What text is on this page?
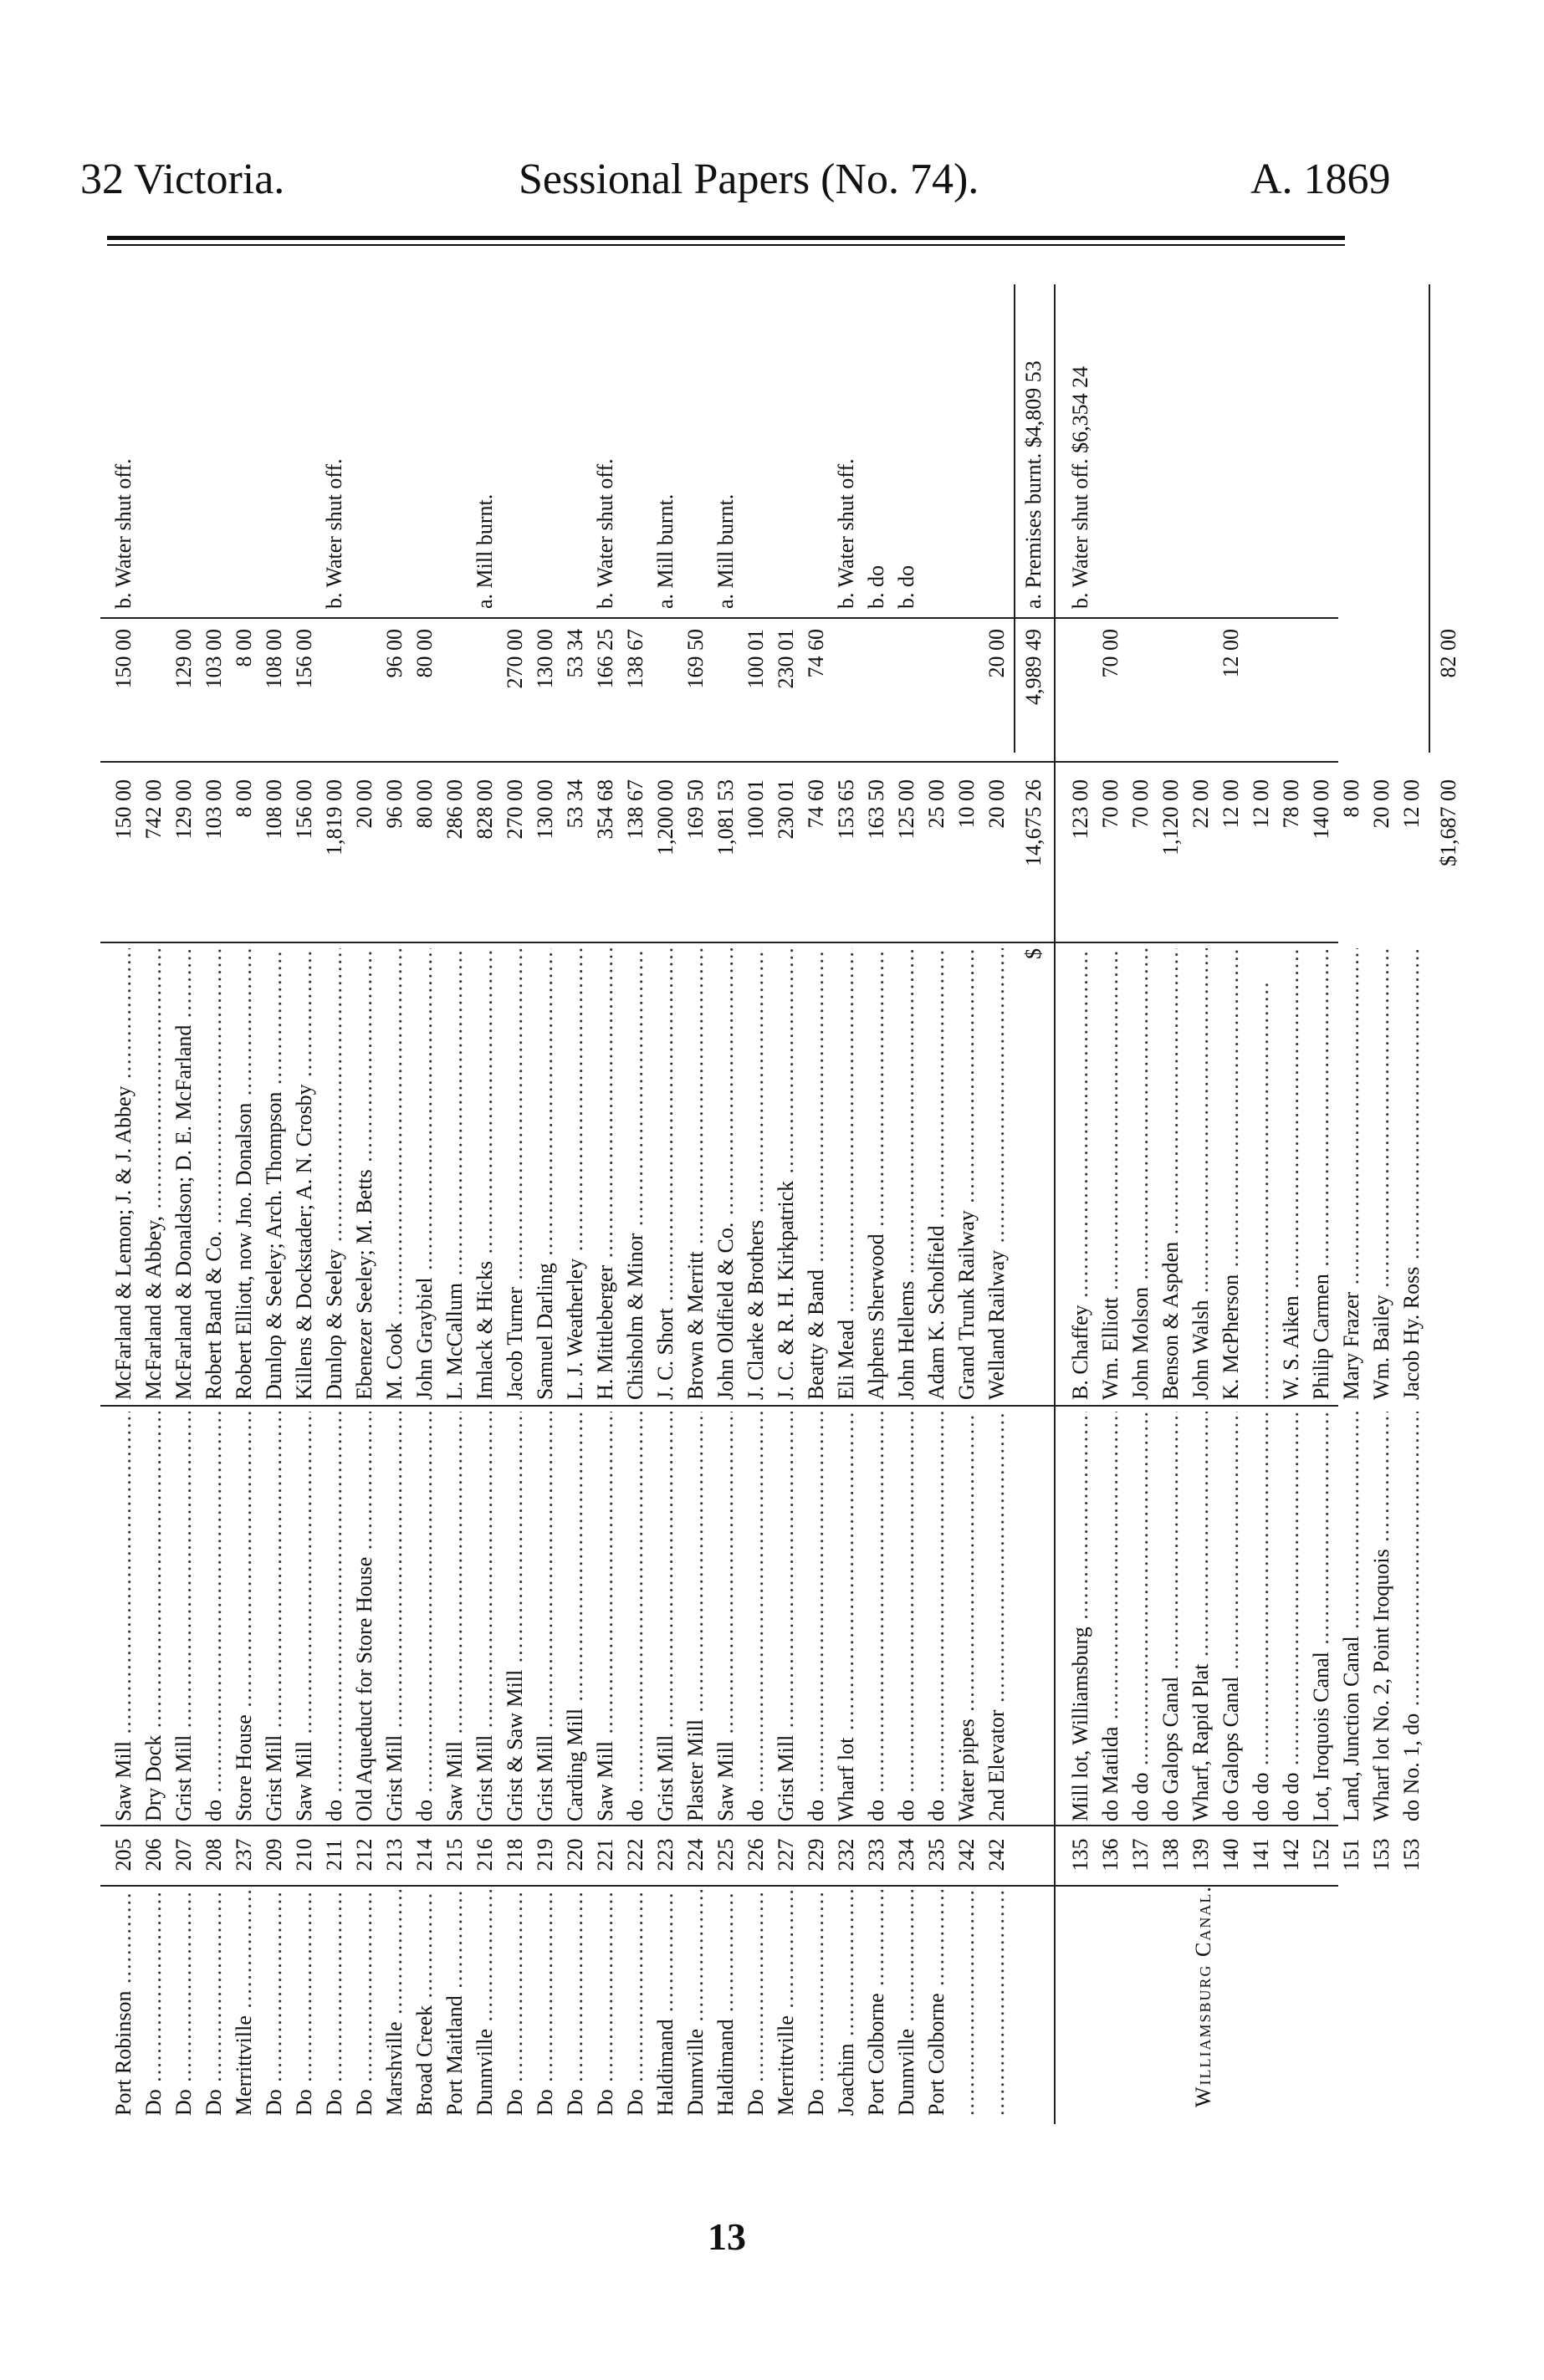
32 Victoria.	Sessional Papers (No. 74).	A. 1869
Port Robinson .....
205
Saw Mill .....
McFarland & Lemon; J. & J. Abbey .....
150 00
150 00
b. Water shut off.
Do .....
206
Dry Dock .....
McFarland & Abbey, .....
742 00
Do .....
207
Grist Mill .....
McFarland & Donaldson; D. E. McFarland .....
129 00
129 00
Do .....
208
do .....
Robert Band & Co. .....
103 00
103 00
Merrittville .....
237
Store House .....
Robert Elliott, now Jno. Donalson .....
8 00
8 00
Do .....
209
Grist Mill .....
Dunlop & Seeley; Arch. Thompson .....
108 00
108 00
Do .....
210
Saw Mill .....
Killens & Dockstader; A. N. Crosby .....
156 00
156 00
Do .....
211
do .....
Dunlop & Seeley .....
1,819 00
b. Water shut off.
Do .....
212
Old Aqueduct for Store House .....
Ebenezer Seeley; M. Betts .....
20 00
Marshville .....
213
Grist Mill .....
M. Cook .....
96 00
96 00
Broad Creek .....
214
do .....
John Graybiel .....
80 00
80 00
Port Maitland .....
215
Saw Mill .....
L. McCallum .....
286 00
Dunnville .....
216
Grist Mill .....
Imlack & Hicks .....
828 00
a. Mill burnt.
Do .....
218
Grist & Saw Mill .....
Jacob Turner .....
270 00
270 00
Do .....
219
Grist Mill .....
Samuel Darling .....
130 00
130 00
Do .....
220
Carding Mill .....
L. J. Weatherley .....
53 34
53 34
Do .....
221
Saw Mill .....
H. Mittleberger .....
354 68
166 25
b. Water shut off.
Do .....
222
do .....
Chisholm & Minor .....
138 67
138 67
Haldimand .....
223
Grist Mill .....
J. C. Short .....
1,200 00
a. Mill burnt.
Dunnville .....
224
Plaster Mill .....
Brown & Merritt .....
169 50
169 50
Haldimand .....
225
Saw Mill .....
John Oldfield & Co. .....
1,081 53
a. Mill burnt.
Do .....
226
do .....
J. Clarke & Brothers .....
100 01
100 01
Merrittville .....
227
Grist Mill .....
J. C. & R. H. Kirkpatrick .....
230 01
230 01
Do .....
229
do .....
Beatty & Band .....
74 60
74 60
Joachim .....
232
Wharf lot .....
Eli Mead .....
153 65
b. Water shut off.
Port Colborne .....
233
do .....
Alphens Sherwood .....
163 50
b. do
Dunnville .....
234
do .....
John Hellems .....
125 00
b. do
Port Colborne .....
235
do .....
Adam K. Scholfield .....
25 00
.....
242
Water pipes .....
Grand Trunk Railway .....
10 00
.....
242
2nd Elevator .....
Welland Railway .....
20 00
20 00
$
14,675 26
4,989 49
a. Premises burnt. $4,809 53
Williamsburg Canal.
135
Mill lot, Williamsburg .....
B. Chaffey .....
123 00
b. Water shut off. $6,354 24
136
do Matilda .....
Wm. Elliott .....
70 00
70 00
137
do do .....
John Molson .....
70 00
138
do Galops Canal .....
Benson & Aspden .....
1,120 00
139
Wharf, Rapid Plat .....
John Walsh .....
22 00
140
do Galops Canal .....
K. McPherson .....
12 00
12 00
141
do do .....
.....
12 00
142
do do .....
W. S. Aiken .....
78 00
152
Lot, Iroquois Canal .....
Philip Carmen .....
140 00
151
Land, Junction Canal .....
Mary Frazer .....
8 00
153
Wharf lot No. 2, Point Iroquois .....
Wm. Bailey .....
20 00
153
do No. 1, do .....
Jacob Hy. Ross .....
12 00 $1,687 00
82 00
13
